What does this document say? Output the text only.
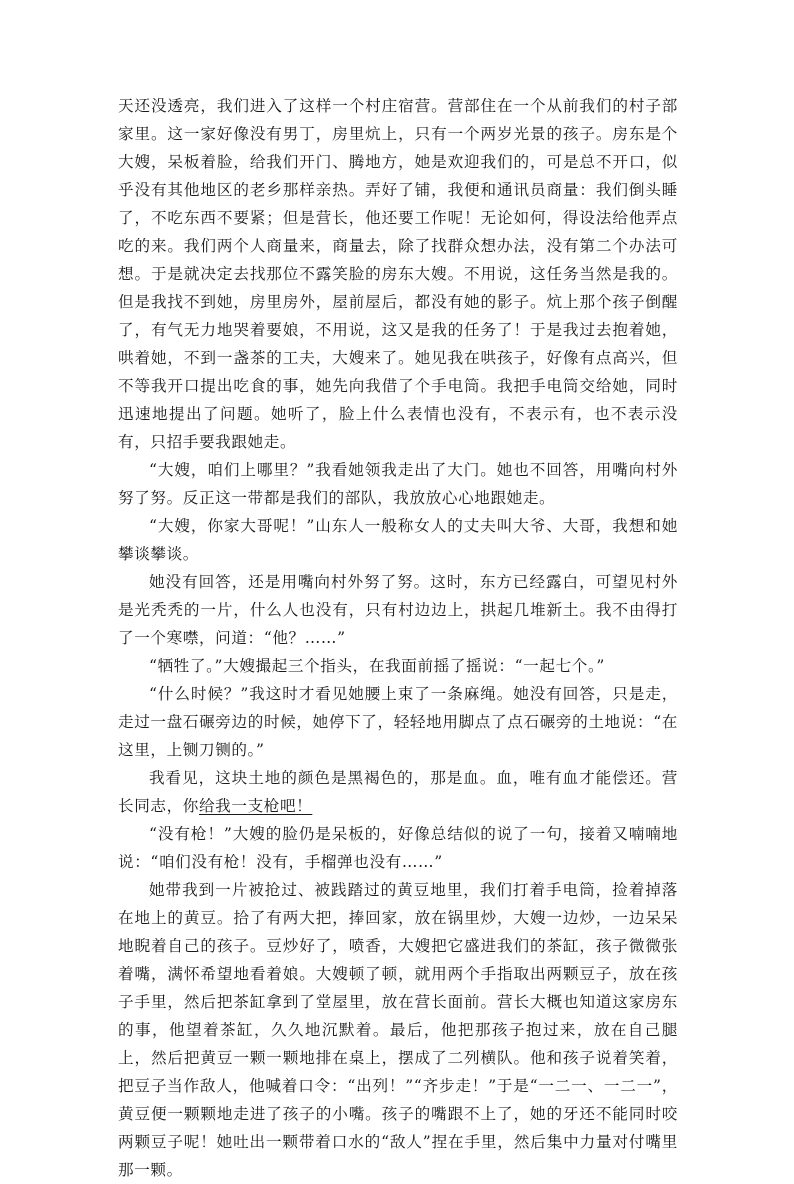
天还没透亮，我们进入了这样一个村庄宿营。营部住在一个从前我们的村子部家里。这一家好像没有男丁，房里炕上，只有一个两岁光景的孩子。房东是个大嫂，呆板着脸，给我们开门、腾地方，她是欢迎我们的，可是总不开口，似乎没有其他地区的老乡那样亲热。弄好了铺，我便和通讯员商量：我们倒头睡了，不吃东西不要紧；但是营长，他还要工作呢！无论如何，得设法给他弄点吃的来。我们两个人商量来，商量去，除了找群众想办法，没有第二个办法可想。于是就决定去找那位不露笑脸的房东大嫂。不用说，这任务当然是我的。但是我找不到她，房里房外，屋前屋后，都没有她的影子。炕上那个孩子倒醒了，有气无力地哭着要娘，不用说，这又是我的任务了！于是我过去抱着她，哄着她，不到一盏茶的工夫，大嫂来了。她见我在哄孩子，好像有点高兴，但不等我开口提出吃食的事，她先向我借了个手电筒。我把手电筒交给她，同时迅速地提出了问题。她听了，脸上什么表情也没有，不表示有，也不表示没有，只招手要我跟她走。

“大嫂，咱们上哪里？”我看她领我走出了大门。她也不回答，用嘴向村外努了努。反正这一带都是我们的部队，我放放心心地跟她走。

“大嫂，你家大哥呢！”山东人一般称女人的丈夫叫大爷、大哥，我想和她攀谈攀谈。

她没有回答，还是用嘴向村外努了努。这时，东方已经露白，可望见村外是光秃秃的一片，什么人也没有，只有村边边上，拱起几堆新土。我不由得打了一个寒噤，问道：“他？……”

“牺牲了。”大嫂撮起三个指头，在我面前摇了摇说：“一起七个。”

“什么时候？”我这时才看见她腰上束了一条麻绳。她没有回答，只是走，走过一盘石碾旁边的时候，她停下了，轻轻地用脚点了点石碾旁的土地说：“在这里，上铡刀铡的。”

我看见，这块土地的颜色是黑褐色的，那是血。血，唯有血才能偿还。营长同志，你给我一支枪吧！

“没有枪！”大嫂的脸仍是呆板的，好像总结似的说了一句，接着又喃喃地说：“咱们没有枪！没有，手榴弹也没有……”

她带我到一片被抢过、被践踏过的黄豆地里，我们打着手电筒，捡着掉落在地上的黄豆。拾了有两大把，捧回家，放在锅里炒，大嫂一边炒，一边呆呆地睨着自己的孩子。豆炒好了，喷香，大嫂把它盛进我们的茶缸，孩子微微张着嘴，满怀希望地看着娘。大嫂顿了顿，就用两个手指取出两颗豆子，放在孩子手里，然后把茶缸拿到了堂屋里，放在营长面前。营长大概也知道这家房东的事，他望着茶缸，久久地沉默着。最后，他把那孩子抱过来，放在自己腿上，然后把黄豆一颗一颗地排在桌上，摆成了二列横队。他和孩子说着笑着，把豆子当作敌人，他喊着口令：“出列！”“齐步走！”于是“一二一、一二一”，黄豆便一颗颗地走进了孩子的小嘴。孩子的嘴跟不上了，她的牙还不能同时咬两颗豆子呢！她吐出一颗带着口水的“敌人”捏在手里，然后集中力量对付嘴里那一颗。
